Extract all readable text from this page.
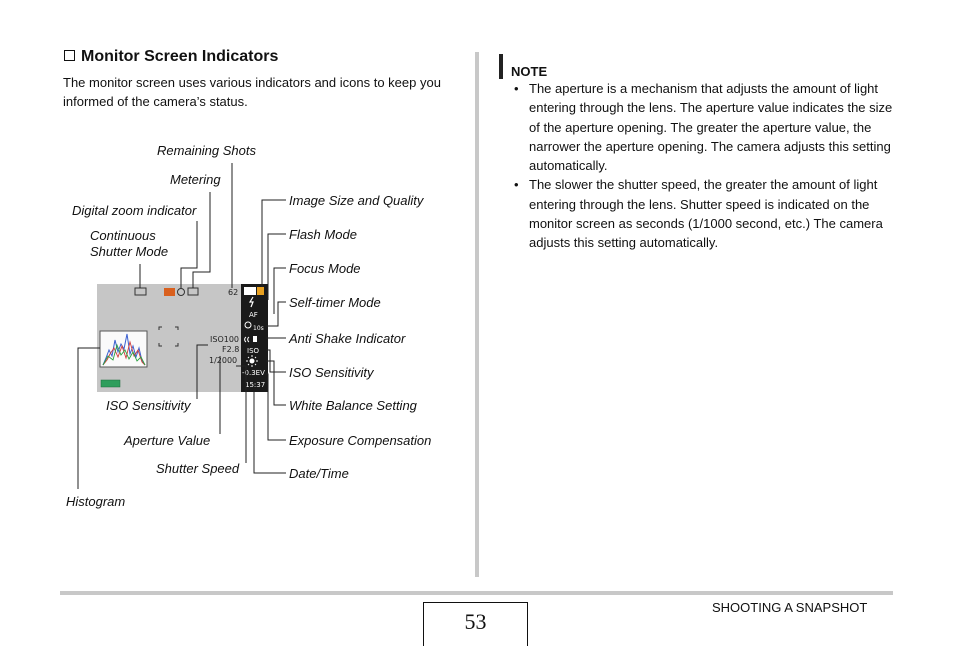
Monitor Screen Indicators
The monitor screen uses various indicators and icons to keep you informed of the camera’s status.
62
ISO100
F2.8
1/2000
AF
10s
ISO
-0.3EV
15:37
Remaining Shots
Metering
Digital zoom indicator
Continuous
Shutter Mode
Image Size and Quality
Flash Mode
Focus Mode
Self-timer Mode
Anti Shake Indicator
ISO Sensitivity
White Balance Setting
Exposure Compensation
Date/Time
ISO Sensitivity
Aperture Value
Shutter Speed
Histogram
NOTE
• The aperture is a mechanism that adjusts the amount of light entering through the lens. The aperture value indicates the size of the aperture opening. The greater the aperture value, the narrower the aperture opening. The camera adjusts this setting automatically.
• The slower the shutter speed, the greater the amount of light entering through the lens. Shutter speed is indicated on the monitor screen as seconds (1/1000 second, etc.) The camera adjusts this setting automatically.
53
SHOOTING A SNAPSHOT
